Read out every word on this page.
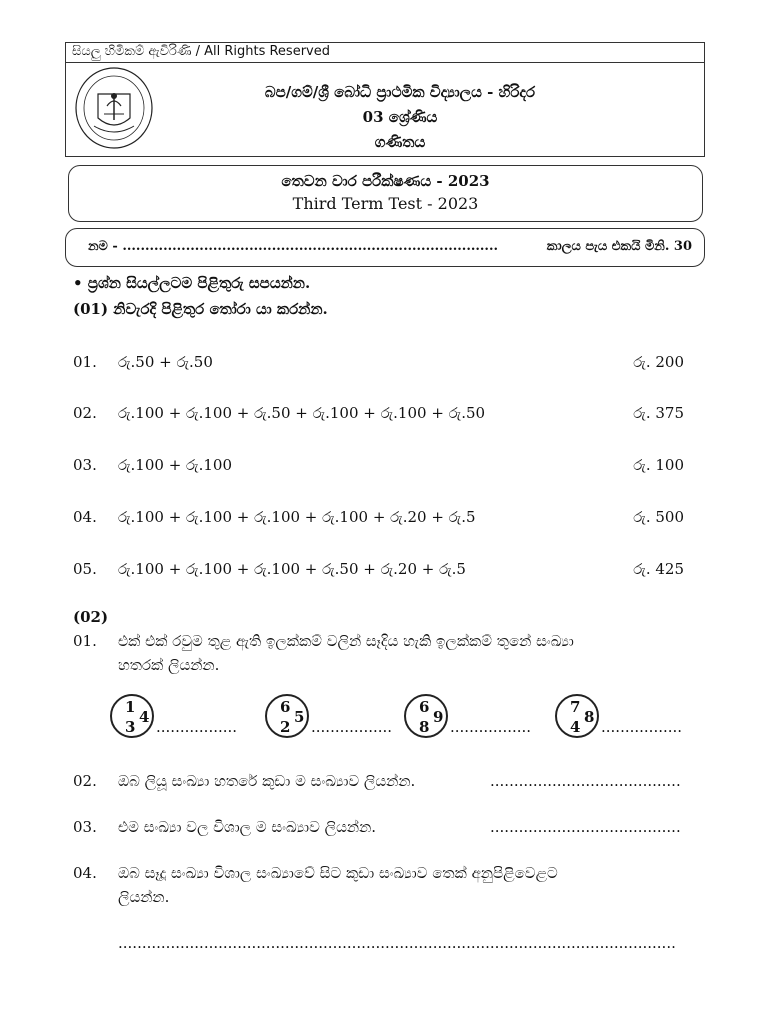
සියලු හිමිකම් ඇවිරිණි / All Rights Reserved
බප/ගම්/ශ්‍රී බෝධි ප්‍රාථමික විද්‍යාලය - හිරිදර
03 ශ්‍රේණිය
ගණිතය
තෙවන වාර පරීක්ෂණය - 2023
Third Term Test - 2023
නම - ...................................................................................	කාලය පැය එකයි මිනි. 30
• ප්‍රශ්න සියල්ලටම පිළිතුරු සපයන්න.
(01) නිවැරදි පිළිතුර තෝරා යා කරන්න.
01. රු.50 + රු.50	රු. 200
02. රු.100 + රු.100 + රු.50 + රු.100 + රු.100 + රු.50	රු. 375
03. රු.100 + රු.100	රු. 100
04. රු.100 + රු.100 + රු.100 + රු.100 + රු.20 + රු.5	රු. 500
05. රු.100 + රු.100 + රු.100 + රු.50 + රු.20 + රු.5	රු. 425
(02)
01. එක් එක් රවුම තුළ ඇති ඉලක්කම් වලින් සෑදිය හැකි ඉලක්කම් තුනේ සංඛ්‍යා
හතරක් ලියන්න.
1
4
3 .................
6
5
2 .................
6
9
8 .................
7
8
4 .................
02. ඔබ ලියූ සංඛ්‍යා හතරේ කුඩා ම සංඛ්‍යාව ලියන්න.	........................................
03. එම සංඛ්‍යා වල විශාල ම සංඛ්‍යාව ලියන්න.	........................................
04. ඔබ සෑදූ සංඛ්‍යා විශාල සංඛ්‍යාවේ සිට කුඩා සංඛ්‍යාව තෙක් අනුපිළිවෙළට
ලියන්න.
.....................................................................................................................
